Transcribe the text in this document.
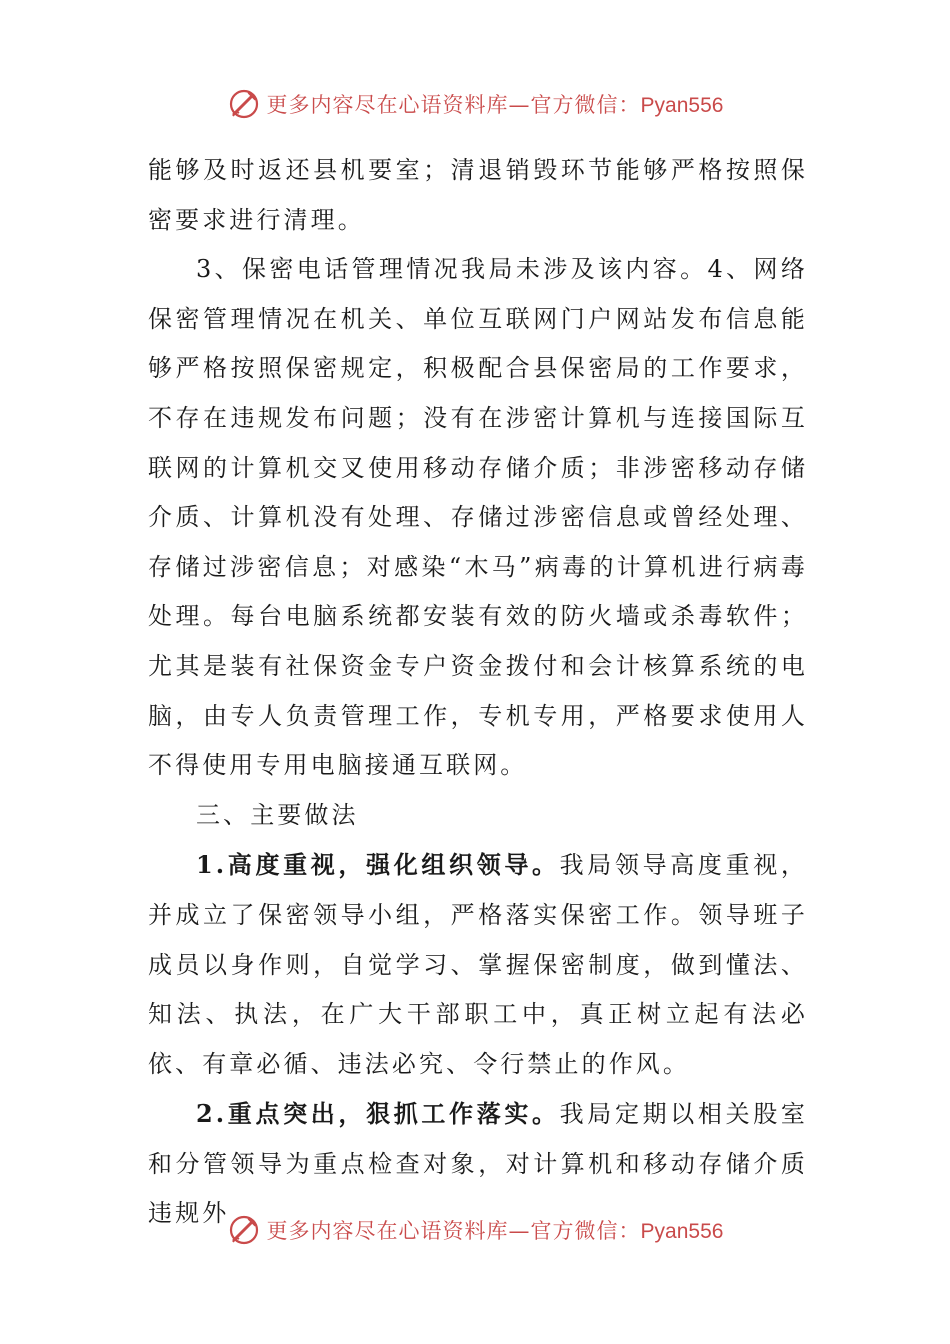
更多内容尽在心语资料库—官方微信：Pyan556

能够及时返还县机要室；清退销毁环节能够严格按照保密要求进行清理。

3、保密电话管理情况我局未涉及该内容。4、网络保密管理情况在机关、单位互联网门户网站发布信息能够严格按照保密规定，积极配合县保密局的工作要求，不存在违规发布问题；没有在涉密计算机与连接国际互联网的计算机交叉使用移动存储介质；非涉密移动存储介质、计算机没有处理、存储过涉密信息或曾经处理、存储过涉密信息；对感染“木马”病毒的计算机进行病毒处理。每台电脑系统都安装有效的防火墙或杀毒软件；尤其是装有社保资金专户资金拨付和会计核算系统的电脑，由专人负责管理工作，专机专用，严格要求使用人不得使用专用电脑接通互联网。

三、主要做法

1.高度重视，强化组织领导。我局领导高度重视，并成立了保密领导小组，严格落实保密工作。领导班子成员以身作则，自觉学习、掌握保密制度，做到懂法、知法、执法，在广大干部职工中，真正树立起有法必依、有章必循、违法必究、令行禁止的作风。

2.重点突出，狠抓工作落实。我局定期以相关股室和分管领导为重点检查对象，对计算机和移动存储介质违规外

更多内容尽在心语资料库—官方微信：Pyan556
